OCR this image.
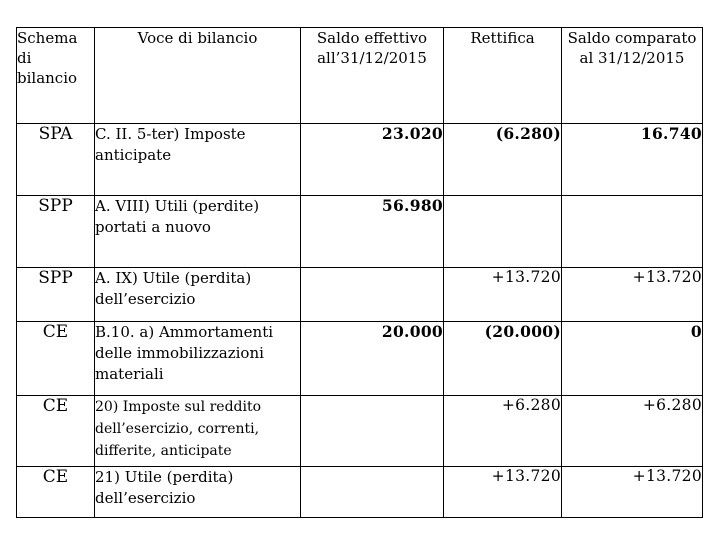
Schema di bilancio	Voce di bilancio	Saldo effettivo all’31/12/2015	Rettifica	Saldo comparato al 31/12/2015
SPA	C. II. 5-ter) Imposte anticipate	23.020	(6.280)	16.740
SPP	A. VIII) Utili (perdite) portati a nuovo	56.980		
SPP	A. IX) Utile (perdita) dell’esercizio		+13.720	+13.720
CE	B.10. a) Ammortamenti delle immobilizzazioni materiali	20.000	(20.000)	0
CE	20) Imposte sul reddito dell’esercizio, correnti, differite, anticipate		+6.280	+6.280
CE	21) Utile (perdita) dell’esercizio		+13.720	+13.720
